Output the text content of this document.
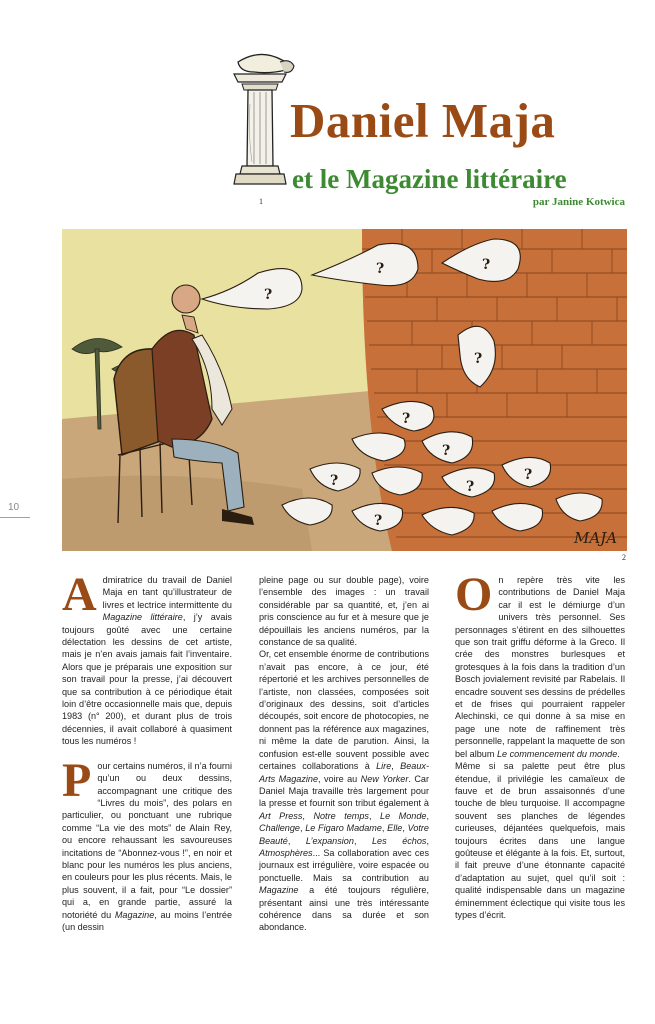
1
Daniel Maja
et le Magazine littéraire
par Janine Kotwica
?
?	?
?
?
?
?	?
?
?
MAJA
2
10

Admiratrice du travail de Daniel Maja en tant qu’illustrateur de livres et lectrice intermittente du Magazine littéraire, j’y avais toujours goûté avec une certaine délectation les dessins de cet artiste, mais je n’en avais jamais fait l’inventaire. Alors que je préparais une exposition sur son travail pour la presse, j’ai découvert que sa contribution à ce périodique était loin d’être occasionnelle mais que, depuis 1983 (n° 200), et durant plus de trois décennies, il avait collaboré à quasiment tous les numéros !

Pour certains numéros, il n’a fourni qu’un ou deux dessins, accompagnant une critique des “Livres du mois”, des polars en particulier, ou ponctuant une rubrique comme “La vie des mots” de Alain Rey, ou encore rehaussant les savoureuses incitations de “Abonnez-vous !”, en noir et blanc pour les numéros les plus anciens, en couleurs pour les plus récents. Mais, le plus souvent, il a fait, pour “Le dossier” qui a, en grande partie, assuré la notoriété du Magazine, au moins l’entrée (un dessin

pleine page ou sur double page), voire l’ensemble des images : un travail considérable par sa quantité, et, j’en ai pris conscience au fur et à mesure que je dépouillais les anciens numéros, par la constance de sa qualité.

Or, cet ensemble énorme de contributions n’avait pas encore, à ce jour, été répertorié et les archives personnelles de l’artiste, non classées, composées soit d’originaux des dessins, soit d’articles découpés, soit encore de photocopies, ne donnent pas la référence aux magazines, ni même la date de parution. Ainsi, la confusion est-elle souvent possible avec certaines collaborations à Lire, Beaux-Arts Magazine, voire au New Yorker. Car Daniel Maja travaille très largement pour la presse et fournit son tribut également à Art Press, Notre temps, Le Monde, Challenge, Le Figaro Madame, Elle, Votre Beauté, L’expansion, Les échos, Atmosphères... Sa collaboration avec ces journaux est irrégulière, voire espacée ou ponctuelle. Mais sa contribution au Magazine a été toujours régulière, présentant ainsi une très intéressante cohérence dans sa durée et son abondance.

On repère très vite les contributions de Daniel Maja car il est le démiurge d’un univers très personnel. Ses personnages s’étirent en des silhouettes que son trait griffu déforme à la Greco. Il crée des monstres burlesques et grotesques à la fois dans la tradition d’un Bosch jovialement revisité par Rabelais. Il encadre souvent ses dessins de prédelles et de frises qui pourraient rappeler Alechinski, ce qui donne à sa mise en page une note de raffinement très personnelle, rappelant la maquette de son bel album Le commencement du monde.

Même si sa palette peut être plus étendue, il privilégie les camaïeux de fauve et de brun assaisonnés d’une touche de bleu turquoise. Il accompagne souvent ses planches de légendes curieuses, déjantées quelquefois, mais toujours écrites dans une langue goûteuse et élégante à la fois. Et, surtout, il fait preuve d’une étonnante capacité d’adaptation au sujet, quel qu’il soit : qualité indispensable dans un magazine éminemment éclectique qui visite tous les types d’écrit.
